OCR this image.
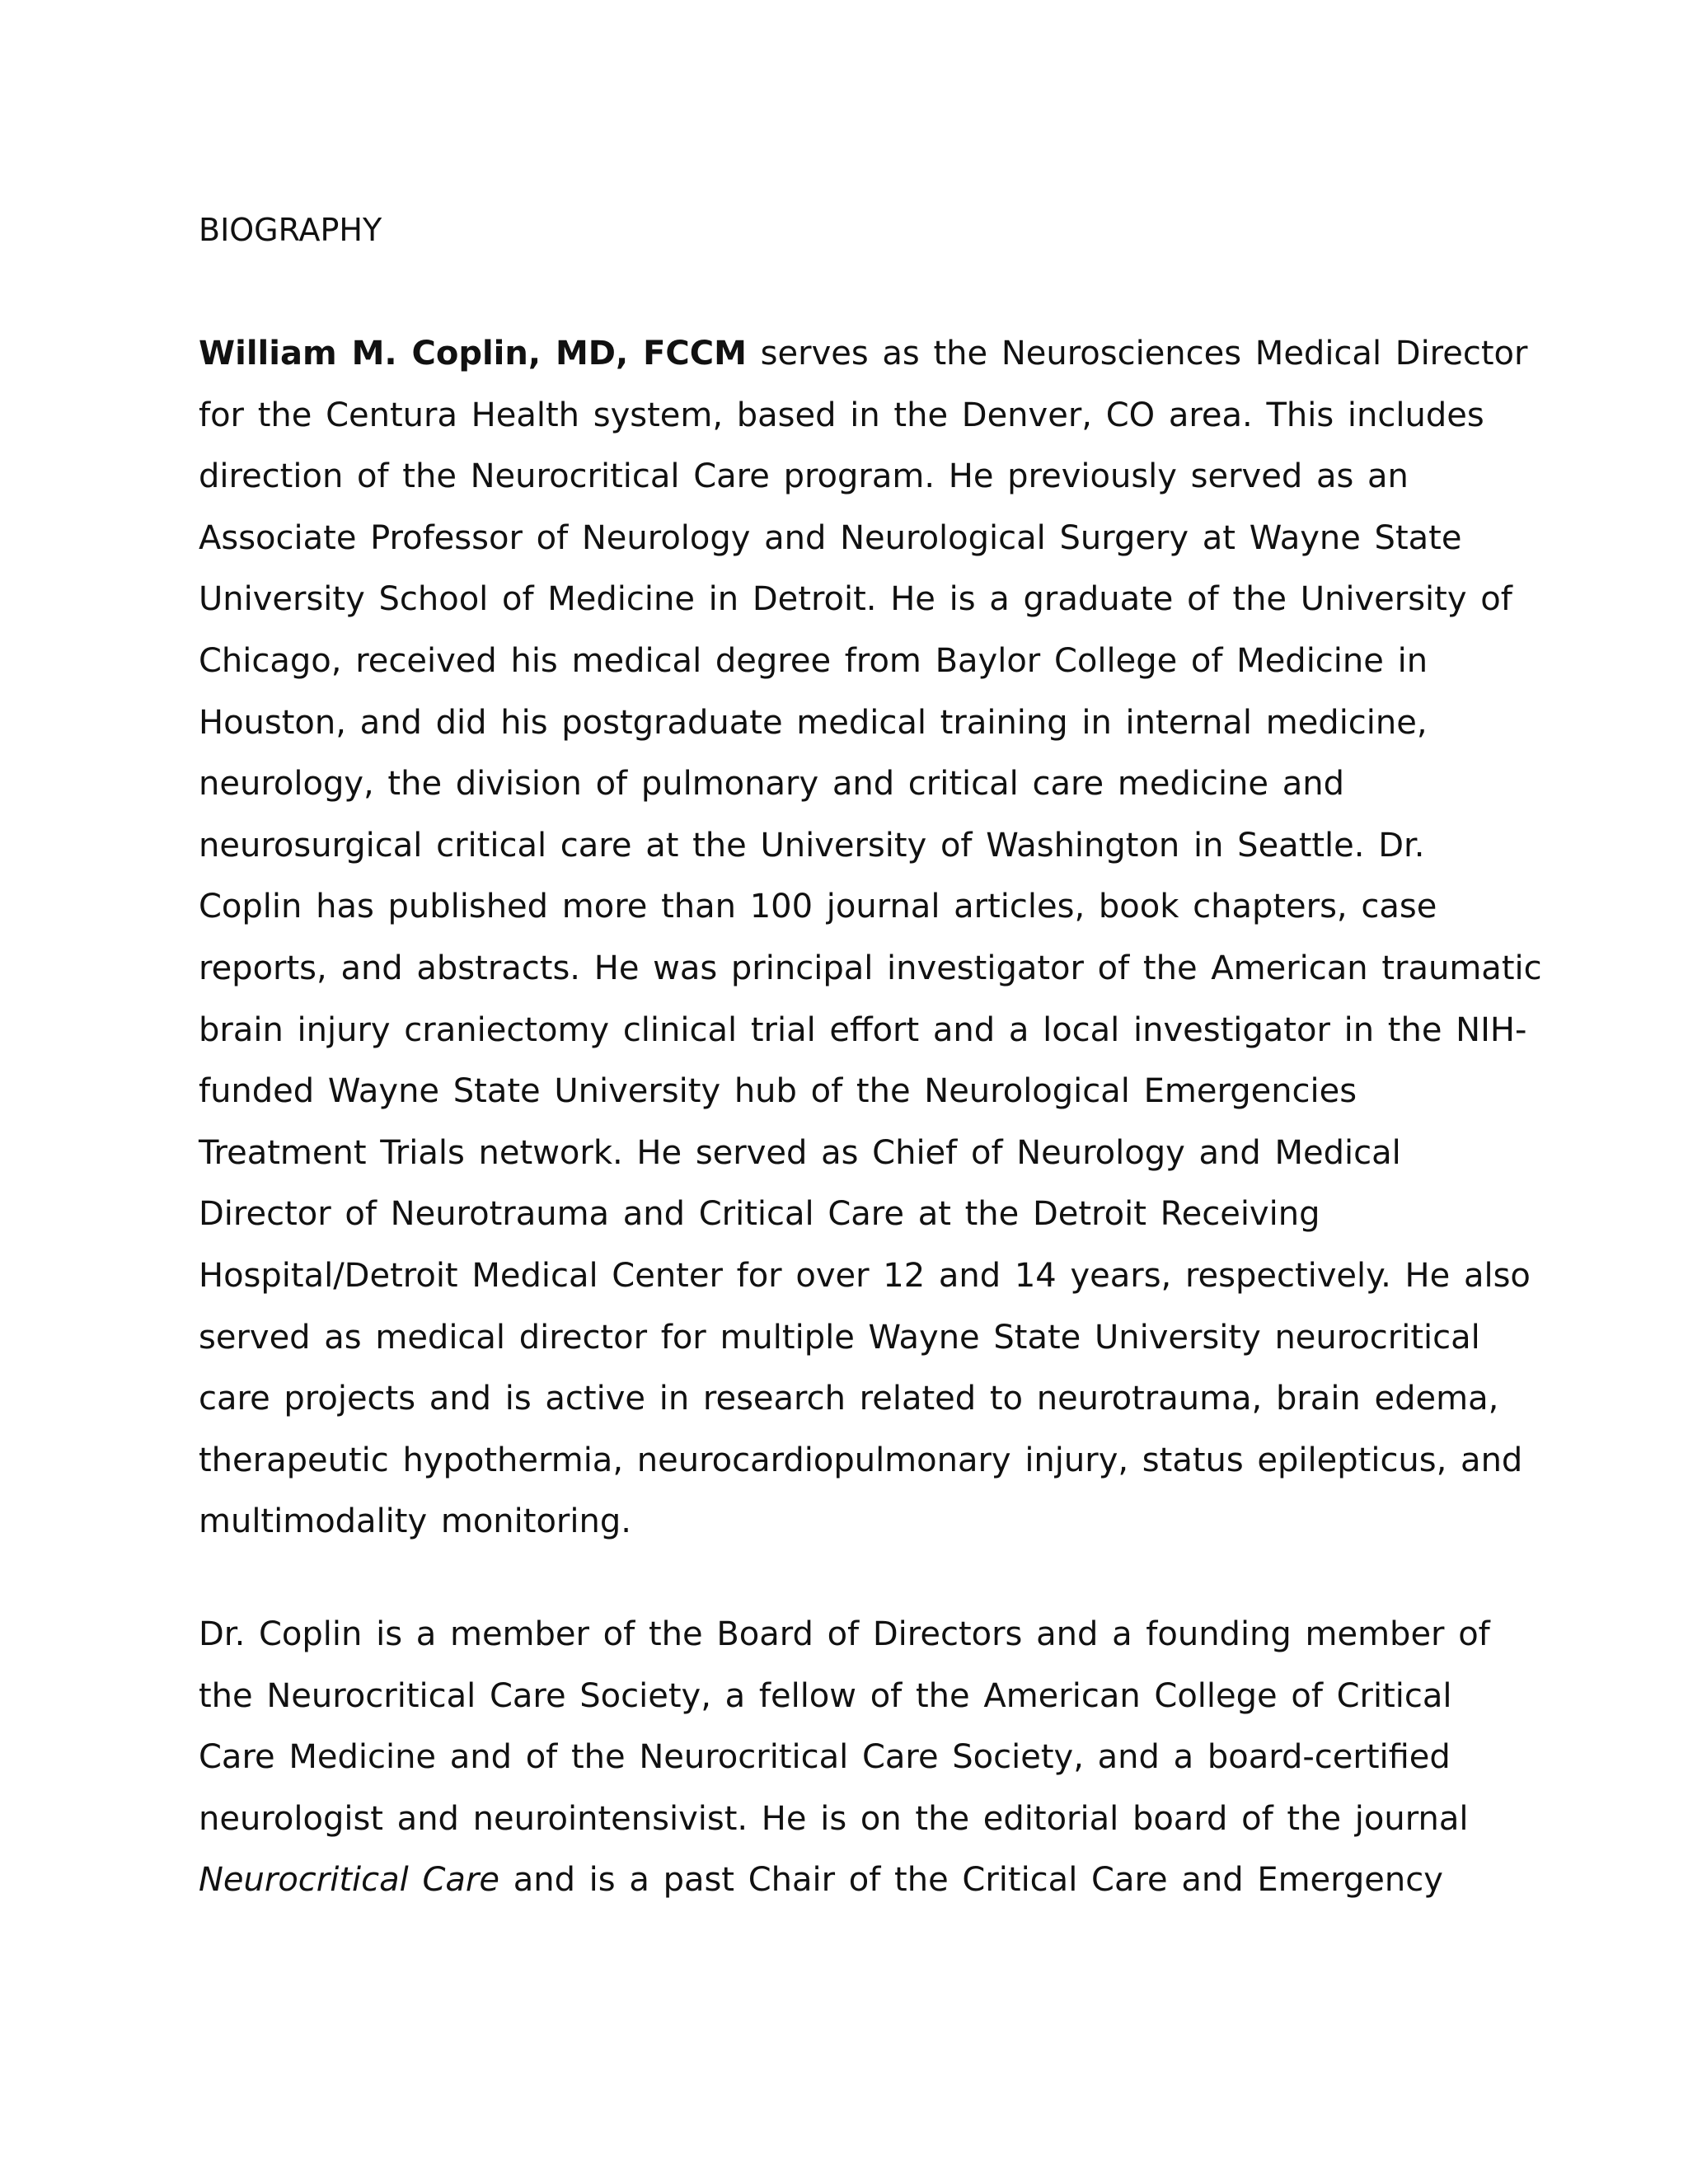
BIOGRAPHY

William M. Coplin, MD, FCCM serves as the Neurosciences Medical Director
for the Centura Health system, based in the Denver, CO area. This includes
direction of the Neurocritical Care program. He previously served as an
Associate Professor of Neurology and Neurological Surgery at Wayne State
University School of Medicine in Detroit. He is a graduate of the University of
Chicago, received his medical degree from Baylor College of Medicine in
Houston, and did his postgraduate medical training in internal medicine,
neurology, the division of pulmonary and critical care medicine and
neurosurgical critical care at the University of Washington in Seattle. Dr.
Coplin has published more than 100 journal articles, book chapters, case
reports, and abstracts. He was principal investigator of the American traumatic
brain injury craniectomy clinical trial effort and a local investigator in the NIH-
funded Wayne State University hub of the Neurological Emergencies
Treatment Trials network. He served as Chief of Neurology and Medical
Director of Neurotrauma and Critical Care at the Detroit Receiving
Hospital/Detroit Medical Center for over 12 and 14 years, respectively. He also
served as medical director for multiple Wayne State University neurocritical
care projects and is active in research related to neurotrauma, brain edema,
therapeutic hypothermia, neurocardiopulmonary injury, status epilepticus, and
multimodality monitoring.

Dr. Coplin is a member of the Board of Directors and a founding member of
the Neurocritical Care Society, a fellow of the American College of Critical
Care Medicine and of the Neurocritical Care Society, and a board-certified
neurologist and neurointensivist. He is on the editorial board of the journal
Neurocritical Care and is a past Chair of the Critical Care and Emergency
